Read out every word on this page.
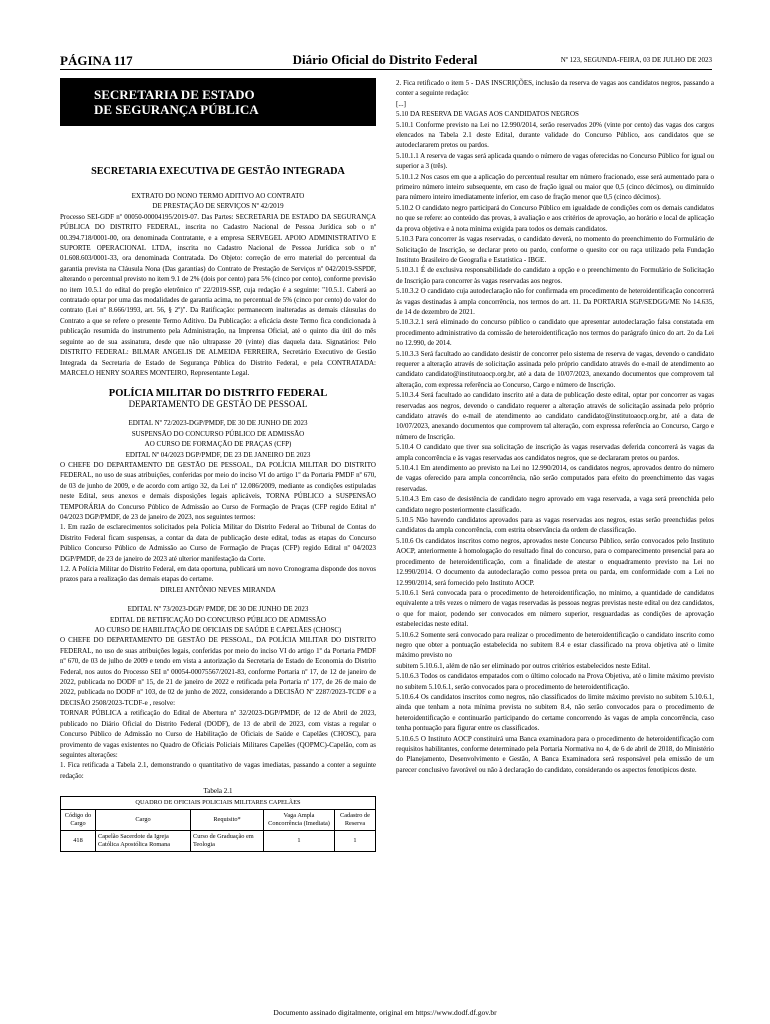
PÁGINA 117	Diário Oficial do Distrito Federal	Nº 123, SEGUNDA-FEIRA, 03 DE JULHO DE 2023
SECRETARIA DE ESTADO
DE SEGURANÇA PÚBLICA
SECRETARIA EXECUTIVA DE GESTÃO INTEGRADA
EXTRATO DO NONO TERMO ADITIVO AO CONTRATO
DE PRESTAÇÃO DE SERVIÇOS Nº 42/2019

Processo SEI-GDF nº 00050-00004195/2019-07. Das Partes: SECRETARIA DE ESTADO DA SEGURANÇA PÚBLICA DO DISTRITO FEDERAL, inscrita no Cadastro Nacional de Pessoa Jurídica sob o nº 00.394.718/0001-00, ora denominada Contratante, e a empresa SERVEGEL APOIO ADMINISTRATIVO E SUPORTE OPERACIONAL LTDA, inscrita no Cadastro Nacional de Pessoa Jurídica sob o nº 01.608.603/0001-33, ora denominada Contratada. Do Objeto: correção de erro material do percentual da garantia prevista na Cláusula Nona (Das garantias) do Contrato de Prestação de Serviços nº 042/2019-SSPDF, alterando o percentual previsto no item 9.1 de 2% (dois por cento) para 5% (cinco por cento), conforme previsão no item 10.5.1 do edital do pregão eletrônico nº 22/2019-SSP, cuja redação é a seguinte: "10.5.1. Caberá ao contratado optar por uma das modalidades de garantia acima, no percentual de 5% (cinco por cento) do valor do contrato (Lei nº 8.666/1993, art. 56, § 2º)". Da Ratificação: permanecem inalteradas as demais cláusulas do Contrato a que se refere o presente Termo Aditivo. Da Publicação: a eficácia deste Termo fica condicionada à publicação resumida do instrumento pela Administração, na Imprensa Oficial, até o quinto dia útil do mês seguinte ao de sua assinatura, desde que não ultrapasse 20 (vinte) dias daquela data. Signatários: Pelo DISTRITO FEDERAL: BILMAR ANGELIS DE ALMEIDA FERREIRA, Secretário Executivo de Gestão Integrada da Secretaria de Estado de Segurança Pública do Distrito Federal, e pela CONTRATADA: MARCELO HENRY SOARES MONTEIRO, Representante Legal.

POLÍCIA MILITAR DO DISTRITO FEDERAL
DEPARTAMENTO DE GESTÃO DE PESSOAL
EDITAL Nº 72/2023-DGP/PMDF, DE 30 DE JUNHO DE 2023
SUSPENSÃO DO CONCURSO PÚBLICO DE ADMISSÃO
AO CURSO DE FORMAÇÃO DE PRAÇAS (CFP)
EDITAL Nº 04/2023 DGP/PMDF, DE 23 DE JANEIRO DE 2023

O CHEFE DO DEPARTAMENTO DE GESTÃO DE PESSOAL, DA POLÍCIA MILITAR DO DISTRITO FEDERAL, no uso de suas atribuições, conferidas por meio do inciso VI do artigo 1º da Portaria PMDF nº 670, de 03 de junho de 2009, e de acordo com artigo 32, da Lei nº 12.086/2009, mediante as condições estipuladas neste Edital, seus anexos e demais disposições legais aplicáveis, TORNA PÚBLICO a SUSPENSÃO TEMPORÁRIA do Concurso Público de Admissão ao Curso de Formação de Praças (CFP regido Edital nº 04/2023 DGP/PMDF, de 23 de janeiro de 2023, nos seguintes termos:

1. Em razão de esclarecimentos solicitados pela Polícia Militar do Distrito Federal ao Tribunal de Contas do Distrito Federal ficam suspensas, a contar da data de publicação deste edital, todas as etapas do Concurso Público Concurso Público de Admissão ao Curso de Formação de Praças (CFP) regido Edital nº 04/2023 DGP/PMDF, de 23 de janeiro de 2023 até ulterior manifestação da Corte.

1.2. A Polícia Militar do Distrito Federal, em data oportuna, publicará um novo Cronograma disponde dos novos prazos para a realização das demais etapas do certame.

DIRLEI ANTÔNIO NEVES MIRANDA
EDITAL Nº 73/2023-DGP/ PMDF, DE 30 DE JUNHO DE 2023
EDITAL DE RETIFICAÇÃO DO CONCURSO PÚBLICO DE ADMISSÃO
AO CURSO DE HABILITAÇÃO DE OFICIAIS DE SAÚDE E CAPELÃES (CHOSC)

O CHEFE DO DEPARTAMENTO DE GESTÃO DE PESSOAL, DA POLÍCIA MILITAR DO DISTRITO FEDERAL, no uso de suas atribuições legais, conferidas por meio do inciso VI do artigo 1º da Portaria PMDF nº 670, de 03 de julho de 2009 e tendo em vista a autorização da Secretaria de Estado de Economia do Distrito Federal, nos autos do Processo SEI nº 00054-00075567/2021-83, conforme Portaria nº 17, de 12 de janeiro de 2022, publicada no DODF nº 15, de 21 de janeiro de 2022 e retificada pela Portaria nº 177, de 26 de maio de 2022, publicada no DODF nº 103, de 02 de junho de 2022, considerando a DECISÃO Nº 2287/2023-TCDF e a DECISÃO 2508/2023-TCDF-e , resolve:

TORNAR PÚBLICA a retificação do Edital de Abertura nº 32/2023-DGP/PMDF, de 12 de Abril de 2023, publicado no Diário Oficial do Distrito Federal (DODF), de 13 de abril de 2023, com vistas a regular o Concurso Público de Admissão no Curso de Habilitação de Oficiais de Saúde e Capelães (CHOSC), para provimento de vagas existentes no Quadro de Oficiais Policiais Militares Capelães (QOPMC)-Capelão, com as seguintes alterações:

1. Fica retificada a Tabela 2.1, demonstrando o quantitativo de vagas imediatas, passando a conter a seguinte redação:

Tabela 2.1
QUADRO DE OFICIAIS POLICIAIS MILITARES CAPELÃES				
Código do Cargo	Cargo	Requisito*	Vaga Ampla Concorrência (Imediata)	Cadastro de Reserva
418	Capelão Sacerdote da Igreja Católica Apostólica Romana	Curso de Graduação em Teologia	1	1

2. Fica retificado o item 5 - DAS INSCRIÇÕES, inclusão da reserva de vagas aos candidatos negros, passando a conter a seguinte redação:

[...]

5.10 DA RESERVA DE VAGAS AOS CANDIDATOS NEGROS

5.10.1 Conforme previsto na Lei no 12.990/2014, serão reservados 20% (vinte por cento) das vagas dos cargos elencados na Tabela 2.1 deste Edital, durante validade do Concurso Público, aos candidatos que se autodeclararem pretos ou pardos.

5.10.1.1 A reserva de vagas será aplicada quando o número de vagas oferecidas no Concurso Público for igual ou superior a 3 (três).

5.10.1.2 Nos casos em que a aplicação do percentual resultar em número fracionado, esse será aumentado para o primeiro número inteiro subsequente, em caso de fração igual ou maior que 0,5 (cinco décimos), ou diminuído para número inteiro imediatamente inferior, em caso de fração menor que 0,5 (cinco décimos).

5.10.2 O candidato negro participará do Concurso Público em igualdade de condições com os demais candidatos no que se refere: ao conteúdo das provas, à avaliação e aos critérios de aprovação, ao horário e local de aplicação da prova objetiva e à nota mínima exigida para todos os demais candidatos.

5.10.3 Para concorrer às vagas reservadas, o candidato deverá, no momento do preenchimento do Formulário de Solicitação de Inscrição, se declarar preto ou pardo, conforme o quesito cor ou raça utilizado pela Fundação Instituto Brasileiro de Geografia e Estatística - IBGE.

5.10.3.1 É de exclusiva responsabilidade do candidato a opção e o preenchimento do Formulário de Solicitação de Inscrição para concorrer às vagas reservadas aos negros.

5.10.3.2 O candidato cuja autodeclaração não for confirmada em procedimento de heteroidentificação concorrerá às vagas destinadas à ampla concorrência, nos termos do art. 11. Da PORTARIA SGP/SEDGG/ME No 14.635, de 14 de dezembro de 2021.

5.10.3.2.1 será eliminado do concurso público o candidato que apresentar autodeclaração falsa constatada em procedimento administrativo da comissão de heteroidentificação nos termos do parágrafo único do art. 2o da Lei no 12.990, de 2014.

5.10.3.3 Será facultado ao candidato desistir de concorrer pelo sistema de reserva de vagas, devendo o candidato requerer a alteração através de solicitação assinada pelo próprio candidato através do e-mail de atendimento ao candidato candidato@institutoaocp.org.br, até a data de 10/07/2023, anexando documentos que comprovem tal alteração, com expressa referência ao Concurso, Cargo e número de Inscrição.

5.10.3.4 Será facultado ao candidato inscrito até a data de publicação deste edital, optar por concorrer as vagas reservadas aos negros, devendo o candidato requerer a alteração através de solicitação assinada pelo próprio candidato através do e-mail de atendimento ao candidato candidato@institutoaocp.org.br, até a data de 10/07/2023, anexando documentos que comprovem tal alteração, com expressa referência ao Concurso, Cargo e número de Inscrição.

5.10.4 O candidato que tiver sua solicitação de inscrição às vagas reservadas deferida concorrerá às vagas da ampla concorrência e às vagas reservadas aos candidatos negros, que se declararam pretos ou pardos.

5.10.4.1 Em atendimento ao previsto na Lei no 12.990/2014, os candidatos negros, aprovados dentro do número de vagas oferecido para ampla concorrência, não serão computados para efeito do preenchimento das vagas reservadas.

5.10.4.3 Em caso de desistência de candidato negro aprovado em vaga reservada, a vaga será preenchida pelo candidato negro posteriormente classificado.

5.10.5 Não havendo candidatos aprovados para as vagas reservadas aos negros, estas serão preenchidas pelos candidatos da ampla concorrência, com estrita observância da ordem de classificação.

5.10.6 Os candidatos inscritos como negros, aprovados neste Concurso Público, serão convocados pelo Instituto AOCP, anteriormente à homologação do resultado final do concurso, para o comparecimento presencial para ao procedimento de heteroidentificação, com a finalidade de atestar o enquadramento previsto na Lei no 12.990/2014. O documento da autodeclaração como pessoa preta ou parda, em conformidade com a Lei no 12.990/2014, será fornecido pelo Instituto AOCP.

5.10.6.1 Será convocada para o procedimento de heteroidentificação, no mínimo, a quantidade de candidatos equivalente a três vezes o número de vagas reservadas às pessoas negras previstas neste edital ou dez candidatos, o que for maior, podendo ser convocados em número superior, resguardadas as condições de aprovação estabelecidas neste edital.

5.10.6.2 Somente será convocado para realizar o procedimento de heteroidentificação o candidato inscrito como negro que obter a pontuação estabelecida no subitem 8.4 e estar classificado na prova objetiva até o limite máximo previsto no

subitem 5.10.6.1, além de não ser eliminado por outros critérios estabelecidos neste Edital.

5.10.6.3 Todos os candidatos empatados com o último colocado na Prova Objetiva, até o limite máximo previsto no subitem 5.10.6.1, serão convocados para o procedimento de heteroidentificação.

5.10.6.4 Os candidatos inscritos como negros, não classificados do limite máximo previsto no subitem 5.10.6.1, ainda que tenham a nota mínima prevista no subitem 8.4, não serão convocados para o procedimento de heteroidentificação e continuarão participando do certame concorrendo às vagas de ampla concorrência, caso tenha pontuação para figurar entre os classificados.

5.10.6.5 O Instituto AOCP constituirá uma Banca examinadora para o procedimento de heteroidentificação com requisitos habilitantes, conforme determinado pela Portaria Normativa no 4, de 6 de abril de 2018, do Ministério do Planejamento, Desenvolvimento e Gestão, A Banca Examinadora será responsável pela emissão de um parecer conclusivo favorável ou não à declaração do candidato, considerando os aspectos fenotípicos deste.

Documento assinado digitalmente, original em https://www.dodf.df.gov.br
